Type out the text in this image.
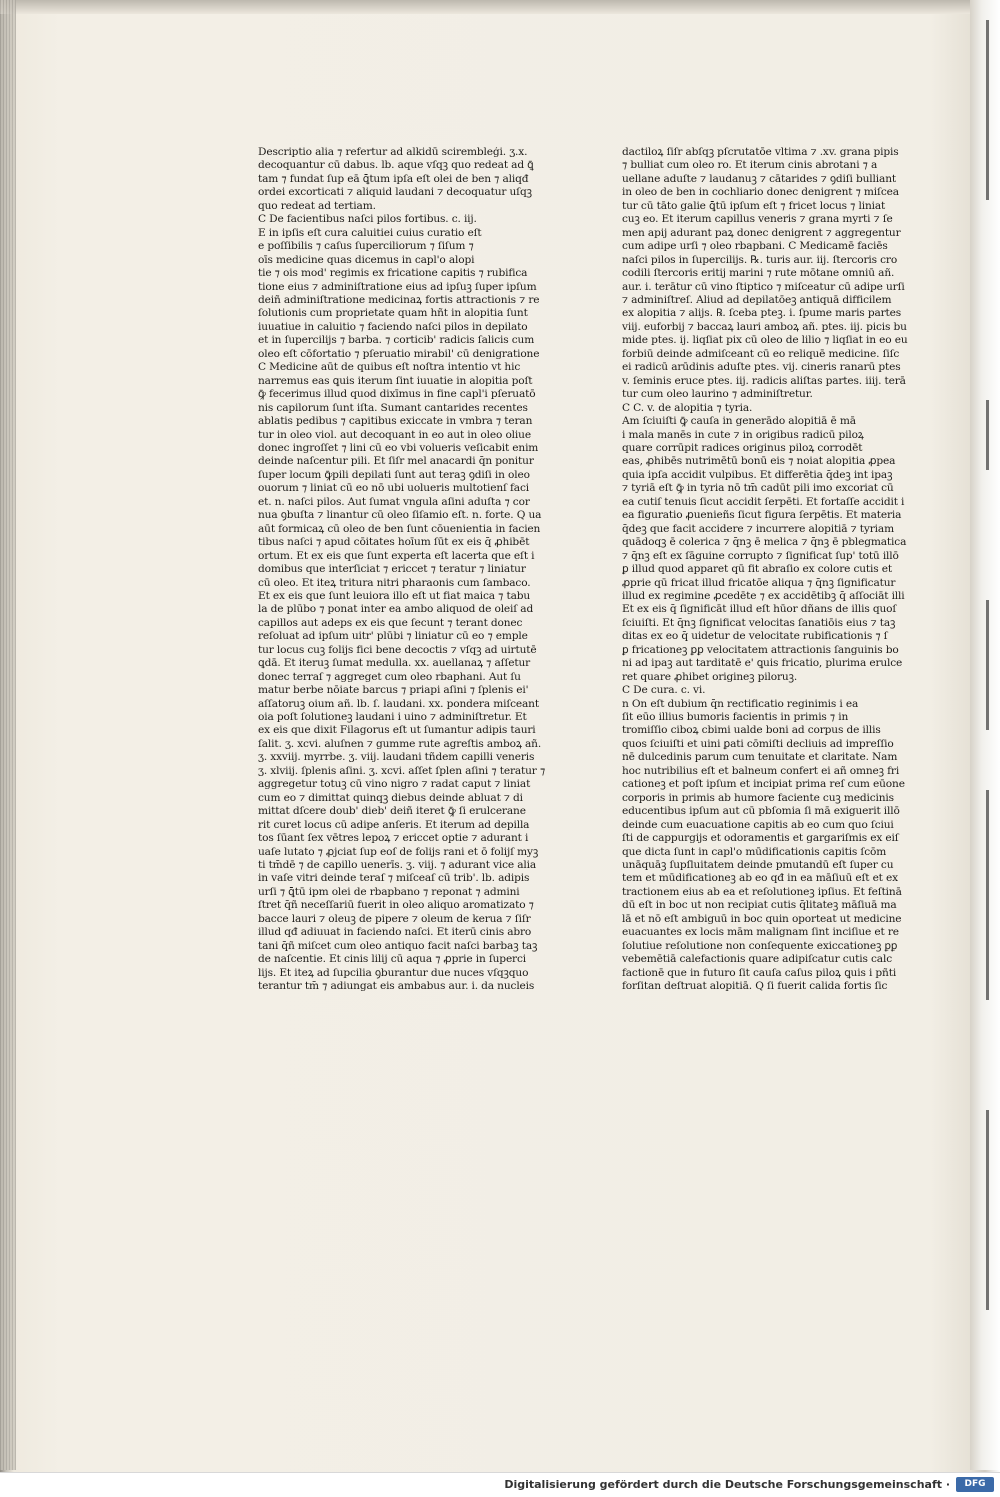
Descriptio alia ⁊ refertur ad alkidū scirembleģi. ʒ.x.
decoquantur cū dabus. lb. aque vſqꝫ quo redeat ad ꝗ̄
tam ⁊ fundat ſup eā ꝗ̄tum ipſa eſt olei de ben ⁊ aliqđ
ordei excorticati ⁊ aliquid laudani ⁊ decoquatur uſqꝫ
quo redeat ad tertiam.
C De facientibus naſci pilos fortibus. c. iij.
E in ipſis eſt cura caluitiei cuius curatio eſt
e poſſibilis ⁊ caſus ſuperciliorum ⁊ ſiſum ⁊
oīs medicine quas dicemus in capl'o alopi
tie ⁊ ois mod' regimis ex fricatione capitis ⁊ rubifica
tione eius ⁊ adminiſtratione eius ad ipſuꝫ ſuper ipſum
deiñ adminiſtratione medicinaꝝ fortis attractionis ⁊ re
ſolutionis cum proprietate quam hñt in alopitia ſunt
iuuatiue in caluitio ⁊ faciendo naſci pilos in depilato
et in ſupercilijs ⁊ barba. ⁊ corticib' radicis ſalicis cum
oleo eſt cōfortatio ⁊ pſeruatio mirabil' cū denigratione
C Medicine aūt de quibus eſt noſtra intentio vt hic
narremus eas ꝗuis iterum ſint iuuatie in alopitia poſt
ꝙ̄ fecerimus illud quod dixīmus in fine capl'i pſeruatō
nis capilorum ſunt iſta. Sumant cantarides recentes
ablatis pedibus ⁊ capitibus exiccate in vmbra ⁊ teran
tur in oleo viol. aut decoquant̄ in eo aut in oleo oliue
donec ingroſſet̄ ⁊ lini cū eo vbi volueris veſicabit enim
deinde naſcentur pili. Et ſiſr mel anacardi q̄n ponitur
ſuper locum ꝙ̄pili depilati ſunt aut teraꝫ ꝯdiſi in oleo
ouorum ⁊ liniat cū eo nō ubi uolueris multotienſ faci
et. n. naſci pilos. Aut ſumat vngula aſini aduſta ⁊ cor
nua ꝯbuſta ⁊ linantur cū oleo ſiſamio eſt. n. forte. Q ua
aūt formicaꝝ cū oleo de ben ſunt cōuenientia in facien
tibus naſci ⁊ apud cōitates hoīum ſūt ex eis q̄ ꝓhibēt
ortum. Et ex eis que ſunt experta eſt lacerta que eſt i
domibus que interſiciat ⁊ ericcet̄ ⁊ teratur ⁊ liniatur
cū oleo. Et iteꝝ tritura nitri pharaonis cum ſambaco.
Et ex eis que ſunt leuiora illo eſt ut fiat maica ⁊ tabu
la de plūbo ⁊ ponat̄ inter ea ambo aliquod de oleiſ ad
capillos aut adeps ex eis que ſecunt̄ ⁊ terant̄ donec
reſoluat ad ipſum uitr' plūbi ⁊ liniatur cū eo ⁊ emple
tur locus cuꝫ folijs fici bene decoctis ⁊ vſqꝫ ad uirtutē
ꝗdā. Et iteruꝫ ſumat medulla. xx. auellanaꝝ ⁊ aſſetur
donec terraſ ⁊ aggreget̄ cum oleo rbaphani. Aut ſu
matur berbe nōiate barcus ⁊ priapi aſini ⁊ ſplenis ei'
aſſatoruꝫ oium añ. lb. ſ. laudani. xx. pondera miſceant̄
oia poſt ſolutioneꝫ laudani i uino ⁊ adminiſtretur. Et
ex eis que dixit Filagorus eſt ut ſumantur adipis tauri
ſalit. ʒ. xcvi. aluſnen ⁊ gumme rute agreſtis amboꝝ añ.
ʒ. xxviij. myrrbe. ʒ. viij. laudani tñdem capilli veneris
ʒ. xlviij. ſplenis aſini. ʒ. xcvi. aſſet̄ ſplen aſini ⁊ teratur ⁊
aggregetur totuꝫ cū vino nigro ⁊ radat̄ caput ⁊ liniat̄
cum eo ⁊ dimittat̄ quinqꝫ diebus deinde abluat̄ ⁊ di
mittat̄ dſcere doub' dieb' deiñ iteret̄ ꝙ̄ ſi erulcerane
rit curet̄ locus cū adipe anſeris. Et iterum ad depilla
tos ſūant ſex vētres lepoꝝ ⁊ ericcet̄ optie ⁊ adurant̄ i
uaſe lutato ⁊ ꝓjciat̄ ſup eoſ de folijs rani et ō folijſ myꝫ
ti tm̄dē ⁊ de capillo uenerīs. ʒ. viij. ⁊ adurant̄ vice alia
in vaſe vitri deinde teraſ ⁊ miſceaſ cū trib'. lb. adipis
urſi ⁊ ꝗ̄tū ipm olei de rbapbano ⁊ reponat̄ ⁊ admini
ſtret̄ q̄ñ neceſſariū fuerit in oleo aliquo aromatizato ⁊
bacce lauri ⁊ oleuꝫ de pipere ⁊ oleum de kerua ⁊ ſiſr
illud qđ adiuuat in faciendo naſci. Et iterū cinis abro
tani q̄ñ miſcet̄ cum oleo antiquo facit naſci barbaꝫ taꝫ
de naſcentie. Et cinis lilij cū aqua ⁊ ꝓprie in ſuperci
lijs. Et iteꝝ ad ſupcilia ꝯburantur due nuces vſqꝫquo
terantur tm̄ ⁊ adiungat̄ eis ambabus aur. i. da nucleis
dactiloꝝ ſiſr abſqꝫ pſcrutatōe vltima ⁊ .xv. grana pipis
⁊ bulliat cum oleo ro. Et iterum cinis abrotani ⁊ a
uellane aduſte ⁊ laudanuꝫ ⁊ cātarides ⁊ ꝯdiſi bulliant
in oleo de ben in cochliario donec denigrent̄ ⁊ miſcea
tur cū tāto galie ꝗ̄tū ipſum eſt ⁊ fricet̄ locus ⁊ liniat̄
cuꝫ eo. Et iterum capillus veneris ⁊ grana myrti ⁊ ſe
men apij adurant̄ paꝝ donec denigrent̄ ⁊ aggregentur
cum adipe urſi ⁊ oleo rbapbani. C Medicamē faciēs
naſci pilos in ſupercilijs. ℞. turis aur. iij. ſtercoris cro
codili ſtercoris eritij marini ⁊ rute mōtane omniū añ.
aur. i. terātur cū vino ſtiptico ⁊ miſceatur cū adipe urſi
⁊ adminiſtreſ. Aliud ad depilatōeꝫ antiquā difficilem
ex alopitia ⁊ alijs. ℞. ſceba pteꝫ. i. ſpume maris partes
viij. euforbij ⁊ baccaꝝ lauri amboꝝ añ. ptes. iij. picis bu
mide ptes. ij. liqſiat pix cū oleo de lilio ⁊ liqſiat in eo eu
forbiū deinde admiſceant̄ cū eo reliquē medicine. ſiſc
ei radicū arūdinis aduſte ptes. vij. cineris ranarū ptes
v. ſeminis eruce ptes. iij. radicis aliſtas partes. iiij. terā
tur cum oleo laurino ⁊ adminiſtretur.
C C. v. de alopitia ⁊ tyria.
Am ſciuiſti ꝙ̄ cauſa in generādo alopitiā ē mā
i mala manēs in cute ⁊ in origibus radicū piloꝝ
quare corrūpit radices originus piloꝝ corrodēt
eas, ꝓhibēs nutrimētū bonū eis ⁊ noiat̄ alopitia ꝓpea
quia ipſa accidit vulpibus. Et differētia q̄deꝫ int̄ ipaꝫ
⁊ tyriā eſt ꝙ̄ in tyria nō tm̄ cadūt pili imo excoriat̄ cū
ea cutiſ tenuis ſicut accidit ſerpēti. Et fortaſſe accidit i
ea figuratio ꝓuenieñs ſicut figura ſerpētis. Et materia
q̄deꝫ que facit accidere ⁊ incurrere alopitiā ⁊ tyriam
quādoqꝫ ē colerica ⁊ q̄nꝫ ē melica ⁊ q̄nꝫ ē pblegmatica
⁊ q̄nꝫ eſt ex ſāguine corrupto ⁊ ſignificat̄ ſup' totū illō
ꝑ illud quod apparet qū fit abraſio ex colore cutis et
ꝓprie qū fricat̄ illud fricatōe aliqua ⁊ q̄nꝫ ſignificatur
illud ex regimine ꝓcedēte ⁊ ex accidētibꝫ q̄ aſſociāt illi
Et ex eis q̄ ſignificāt illud eſt hūor dñans de illis quoſ
ſciuiſti. Et q̄nꝫ ſignificat̄ velocitas ſanatiōis eius ⁊ taꝫ
ditas ex eo q̄ uidetur de velocitate rubificationis ⁊ ſ
ꝑ fricationeꝫ ꝑꝑ velocitatem attractionis ſanguinis bo
ni ad ipaꝫ aut tarditatē e' ꝗuis fricatio, plurima erulce
ret quare ꝓhibet origineꝫ piloruꝫ.
C De cura. c. vi.
n On eſt dubium q̄n rectificatio reginimis i ea
ſit eūo illius bumoris facientis in primis ⁊ in
tromiſſio ciboꝝ cbimi ualde boni ad corpus de illis
quos ſciuiſti et uini ꝑati cōmiſti decliuis ad impreſſio
nē dulcedinis parum cum tenuitate et claritate. Nam
hoc nutribilius eſt et balneum confert ei añ omneꝫ fri
cationeꝫ et poſt ipſum et incipiat prima reſ cum eūone
corporis in primis ab humore faciente cuꝫ medicinis
educentibus ipſum aut cū pbſomia ſi mā exiguerit illō
deinde cum euacuatione capitis ab eo cum quo ſciui
ſti de cappurgijs et odoramentis et gargariſmis ex eiſ
que dicta ſunt in capl'o mūdificationis capitis ſcōm
unāquāꝫ ſupſluitatem deinde pmutandū eſt ſuper cu
tem et mūdificationeꝫ ab eo qđ in ea māſiuū eſt et ex
tractionem eius ab ea et reſolutioneꝫ ipſius. Et feſtinā
dū eſt in boc ut non recipiat cutis q̄litateꝫ māſiuā ma
lā et nō eſt ambiguū in boc quin oporteat ut medicine
euacuantes ex locis mām malignam ſint inciſiue et re
ſolutiue reſolutione non conſequente exiccationeꝫ ꝑꝑ
vebemētiā calefactionis quare adipiſcatur cutis calc
factionē que in futuro ſit cauſa caſus piloꝝ ꝗuis i pñti
forſitan deſtruat alopitiā. Q̄ ſi fuerit calida fortis ſic
Digitalisierung gefördert durch die Deutsche Forschungsgemeinschaft ·	DFG
